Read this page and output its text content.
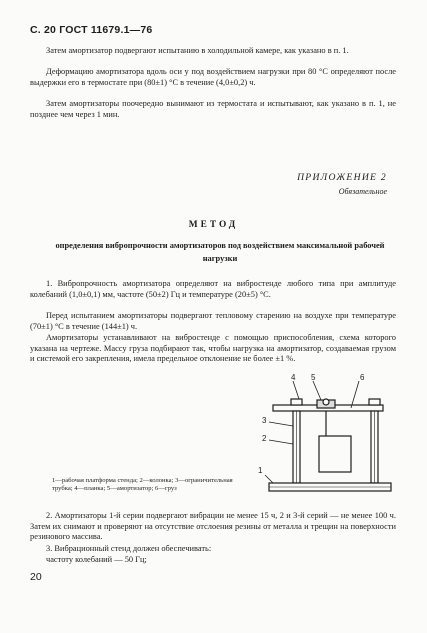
С. 20 ГОСТ 11679.1—76
Затем амортизатор подвергают испытанию в холодильной камере, как указано в п. 1.
Деформацию амортизатора вдоль оси y под воздействием нагрузки при 80 °С определяют после выдержки его в термостате при (80±1) °С в течение (4,0±0,2) ч.
Затем амортизаторы поочередно вынимают из термостата и испытывают, как указано в п. 1, не позднее чем через 1 мин.
ПРИЛОЖЕНИЕ 2
Обязательное
МЕТОД
определения вибропрочности амортизаторов под воздействием максимальной рабочей нагрузки
1. Вибропрочность амортизатора определяют на вибростенде любого типа при амплитуде колебаний (1,0±0,1) мм, частоте (50±2) Гц и температуре (20±5) °С.
Перед испытанием амортизаторы подвергают тепловому старению на воздухе при температуре (70±1) °С в течение (144±1) ч.
Амортизаторы устанавливают на вибростенде с помощью приспособления, схема которого указана на чертеже. Массу груза подбирают так, чтобы нагрузка на амортизатор, создаваемая грузом и системой его закрепления, имела предельное отклонение не более ±1 %.
4 5	6
3
2
1
1—рабочая платформа стенда; 2—колонка; 3—ограничительная трубка; 4—планка; 5—амортизатор; 6—груз
2. Амортизаторы 1-й серии подвергают вибрации не менее 15 ч, 2 и 3-й серий — не менее 100 ч. Затем их снимают и проверяют на отсутствие отслоения резины от металла и трещин на поверхности резинового массива.
3. Вибрационный стенд должен обеспечивать:
частоту колебаний — 50 Гц;
20
